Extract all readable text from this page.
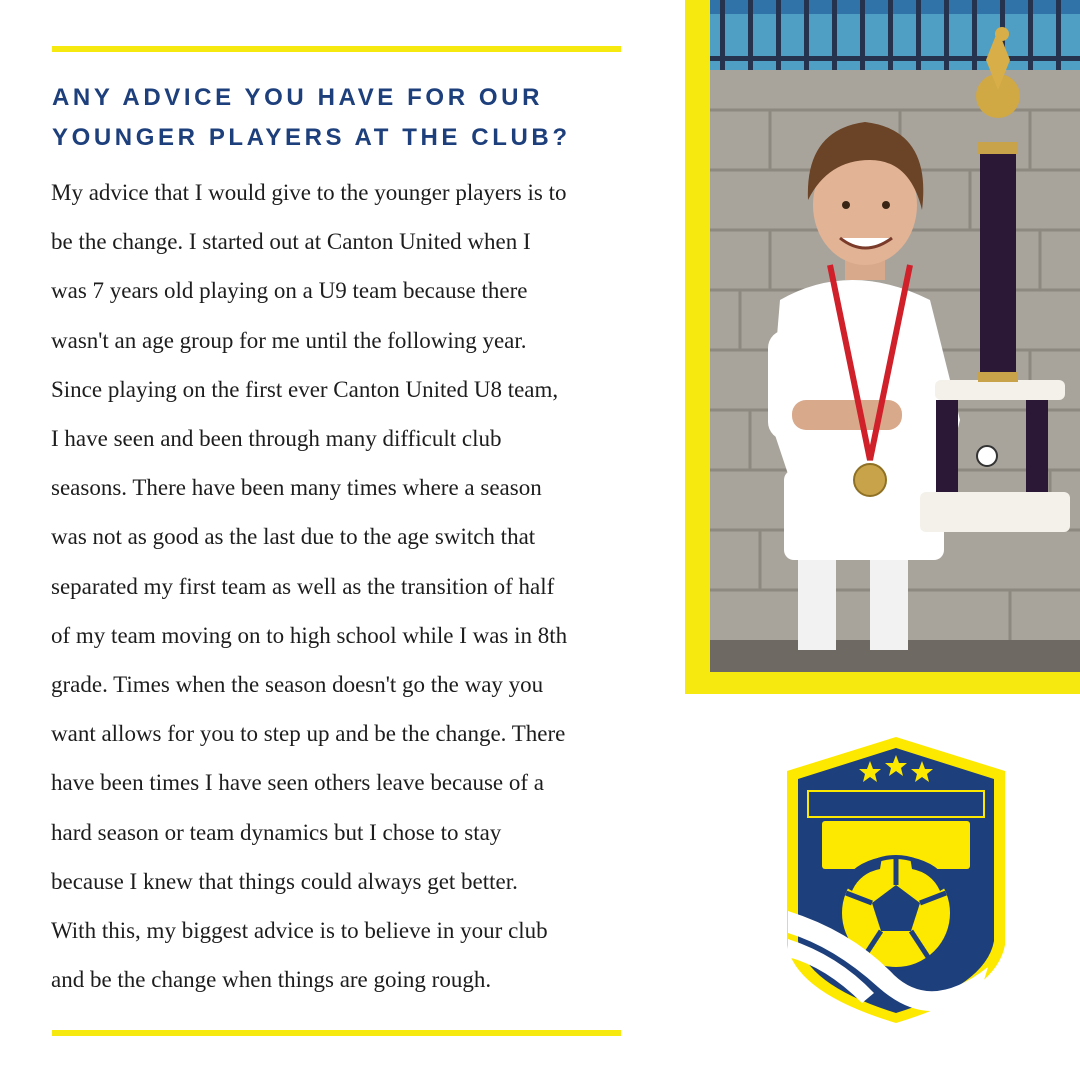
ANY ADVICE YOU HAVE FOR OUR
YOUNGER PLAYERS AT THE CLUB?
My advice that I would give to the younger players is to
be the change. I started out at Canton United when I
was 7 years old playing on a U9 team because there
wasn't an age group for me until the following year.
Since playing on the first ever Canton United U8 team,
I have seen and been through many difficult club
seasons. There have been many times where a season
was not as good as the last due to the age switch that
separated my first team as well as the transition of half
of my team moving on to high school while I was in 8th
grade. Times when the season doesn't go the way you
want allows for you to step up and be the change. There
have been times I have seen others leave because of a
hard season or team dynamics but I chose to stay
because I knew that things could always get better.
With this, my biggest advice is to believe in your club
and be the change when things are going rough.
